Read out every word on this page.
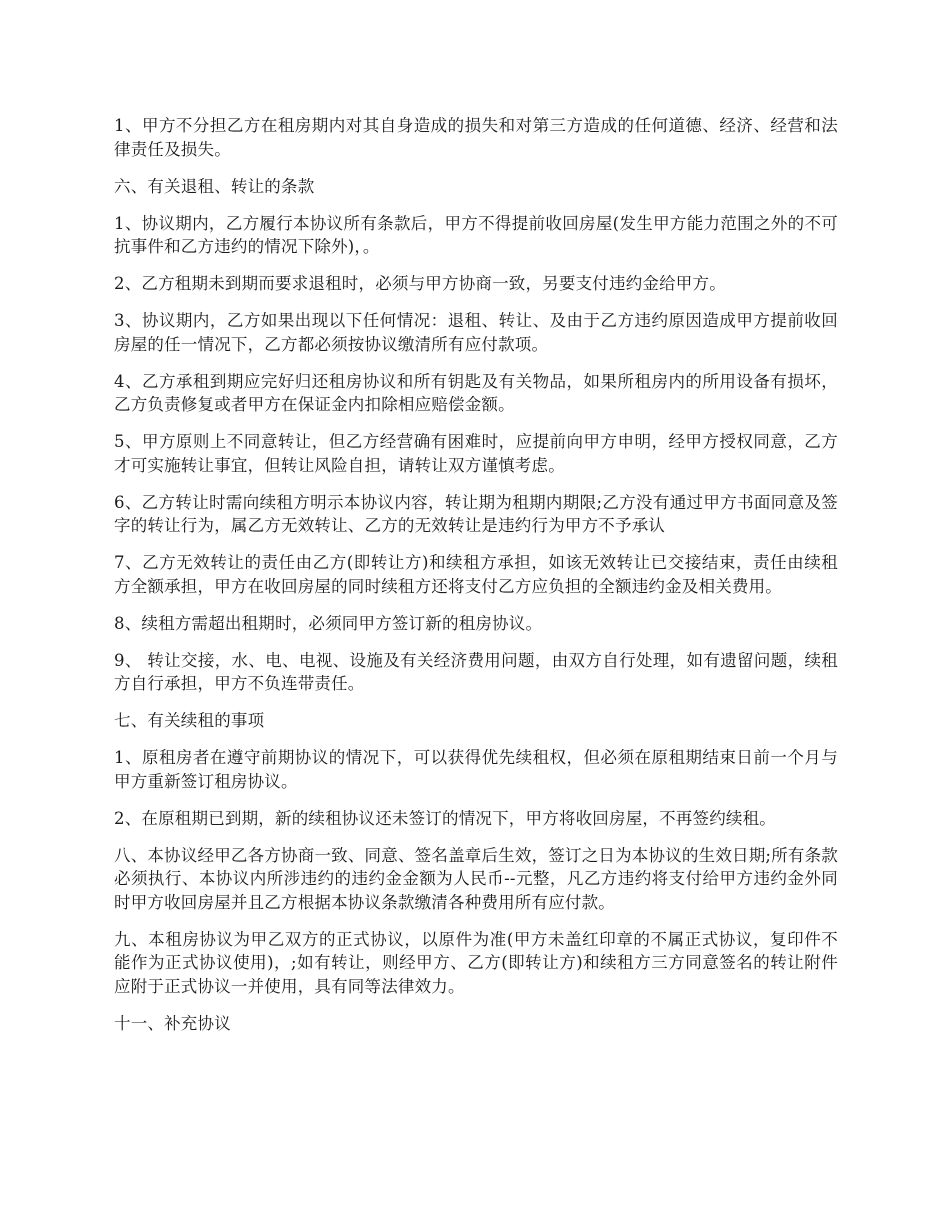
1、甲方不分担乙方在租房期内对其自身造成的损失和对第三方造成的任何道德、经济、经营和法律责任及损失。

六、有关退租、转让的条款

1、协议期内，乙方履行本协议所有条款后，甲方不得提前收回房屋(发生甲方能力范围之外的不可抗事件和乙方违约的情况下除外)，。

2、乙方租期未到期而要求退租时，必须与甲方协商一致，另要支付违约金给甲方。

3、协议期内，乙方如果出现以下任何情况：退租、转让、及由于乙方违约原因造成甲方提前收回房屋的任一情况下，乙方都必须按协议缴清所有应付款项。

4、乙方承租到期应完好归还租房协议和所有钥匙及有关物品，如果所租房内的所用设备有损坏，乙方负责修复或者甲方在保证金内扣除相应赔偿金额。

5、甲方原则上不同意转让，但乙方经营确有困难时，应提前向甲方申明，经甲方授权同意，乙方才可实施转让事宜，但转让风险自担，请转让双方谨慎考虑。

6、乙方转让时需向续租方明示本协议内容，转让期为租期内期限;乙方没有通过甲方书面同意及签字的转让行为，属乙方无效转让、乙方的无效转让是违约行为甲方不予承认

7、乙方无效转让的责任由乙方(即转让方)和续租方承担，如该无效转让已交接结束，责任由续租方全额承担，甲方在收回房屋的同时续租方还将支付乙方应负担的全额违约金及相关费用。

8、续租方需超出租期时，必须同甲方签订新的租房协议。

9、 转让交接，水、电、电视、设施及有关经济费用问题，由双方自行处理，如有遗留问题，续租方自行承担，甲方不负连带责任。

七、有关续租的事项

1、原租房者在遵守前期协议的情况下，可以获得优先续租权，但必须在原租期结束日前一个月与甲方重新签订租房协议。

2、在原租期已到期，新的续租协议还未签订的情况下，甲方将收回房屋，不再签约续租。

八、本协议经甲乙各方协商一致、同意、签名盖章后生效，签订之日为本协议的生效日期;所有条款必须执行、本协议内所涉违约的违约金金额为人民币--元整，凡乙方违约将支付给甲方违约金外同时甲方收回房屋并且乙方根据本协议条款缴清各种费用所有应付款。

九、本租房协议为甲乙双方的正式协议，以原件为准(甲方未盖红印章的不属正式协议，复印件不能作为正式协议使用)，;如有转让，则经甲方、乙方(即转让方)和续租方三方同意签名的转让附件应附于正式协议一并使用，具有同等法律效力。

十一、补充协议
